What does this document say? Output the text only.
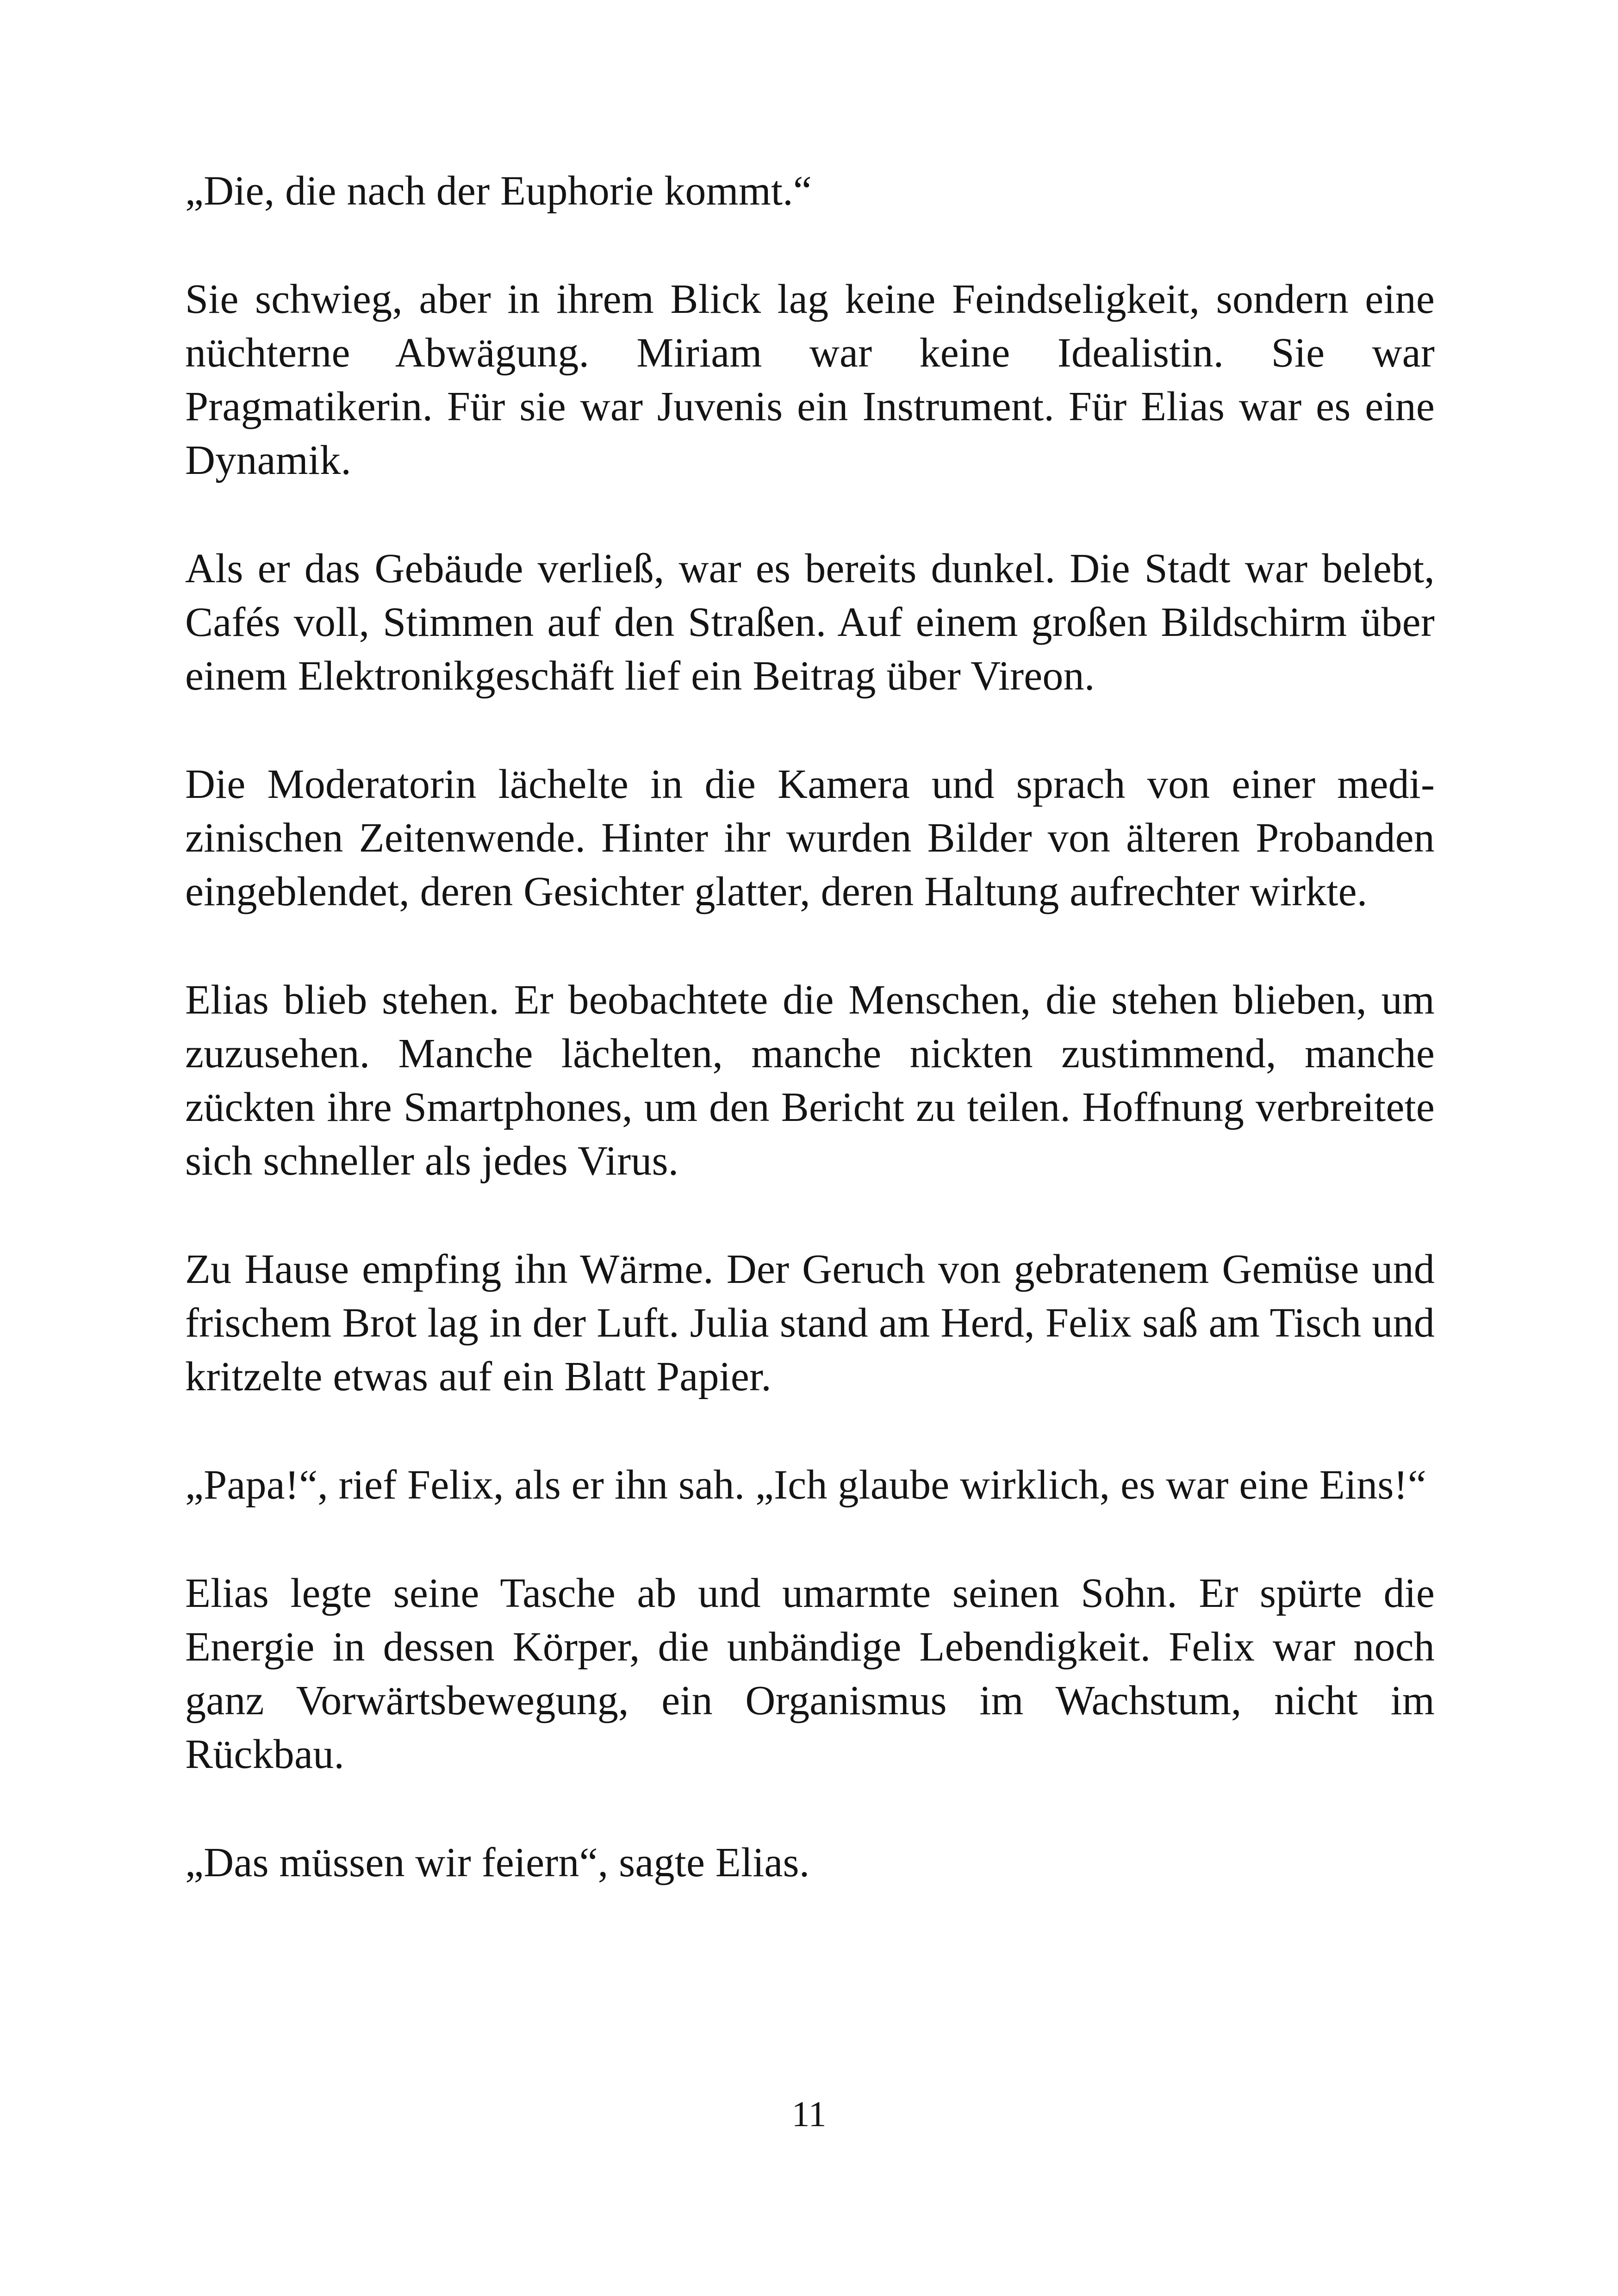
„Die, die nach der Euphorie kommt.“

Sie schwieg, aber in ihrem Blick lag keine Feindseligkeit, sondern eine nüchterne Abwägung. Miriam war keine Idealistin. Sie war Pragmatikerin. Für sie war Juvenis ein Instrument. Für Elias war es eine Dynamik.

Als er das Gebäude verließ, war es bereits dunkel. Die Stadt war belebt, Cafés voll, Stimmen auf den Straßen. Auf einem großen Bildschirm über einem Elektronikgeschäft lief ein Beitrag über Vireon.

Die Moderatorin lächelte in die Kamera und sprach von einer medizinischen Zeitenwende. Hinter ihr wurden Bilder von älteren Probanden eingeblendet, deren Gesichter glatter, deren Haltung aufrechter wirkte.

Elias blieb stehen. Er beobachtete die Menschen, die stehen blieben, um zuzusehen. Manche lächelten, manche nickten zustimmend, manche zückten ihre Smartphones, um den Bericht zu teilen. Hoffnung verbreitete sich schneller als jedes Virus.

Zu Hause empfing ihn Wärme. Der Geruch von gebratenem Gemüse und frischem Brot lag in der Luft. Julia stand am Herd, Felix saß am Tisch und kritzelte etwas auf ein Blatt Papier.

„Papa!“, rief Felix, als er ihn sah. „Ich glaube wirklich, es war eine Eins!“

Elias legte seine Tasche ab und umarmte seinen Sohn. Er spürte die Energie in dessen Körper, die unbändige Lebendigkeit. Felix war noch ganz Vorwärtsbewegung, ein Organismus im Wachstum, nicht im Rückbau.

„Das müssen wir feiern“, sagte Elias.

11
